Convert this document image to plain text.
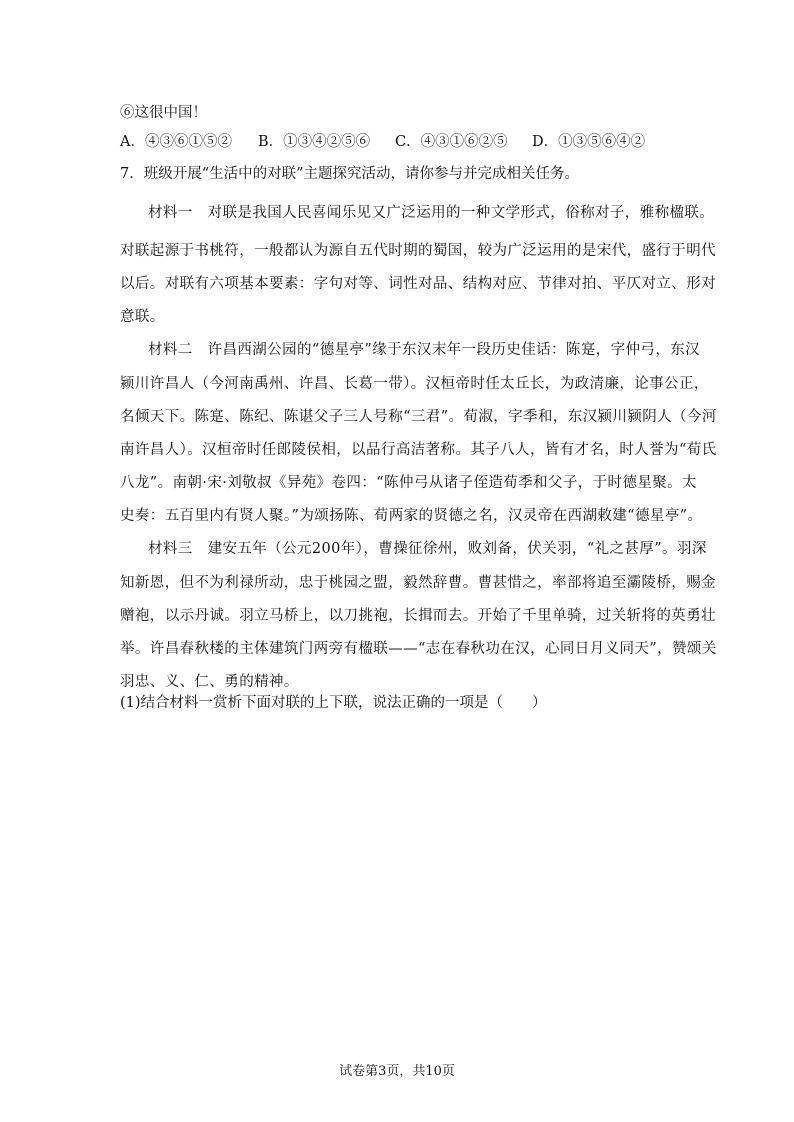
⑥这很中国！
A．④③⑥①⑤② B．①③④②⑤⑥ C．④③①⑥②⑤ D．①③⑤⑥④②
7．班级开展“生活中的对联”主题探究活动，请你参与并完成相关任务。
材料一　对联是我国人民喜闻乐见又广泛运用的一种文学形式，俗称对子，雅称楹联。
对联起源于书桃符，一般都认为源自五代时期的蜀国，较为广泛运用的是宋代，盛行于明代
以后。对联有六项基本要素：字句对等、词性对品、结构对应、节律对拍、平仄对立、形对
意联。
材料二　许昌西湖公园的“德星亭”缘于东汉末年一段历史佳话：陈寔，字仲弓，东汉
颍川许昌人（今河南禹州、许昌、长葛一带）。汉桓帝时任太丘长，为政清廉，论事公正，
名倾天下。陈寔、陈纪、陈谌父子三人号称“三君”。荀淑，字季和，东汉颍川颍阴人（今河
南许昌人）。汉桓帝时任郎陵侯相，以品行高洁著称。其子八人，皆有才名，时人誉为“荀氏
八龙”。南朝·宋·刘敬叔《异苑》卷四：“陈仲弓从诸子侄造荀季和父子，于时德星聚。太
史奏：五百里内有贤人聚。”为颂扬陈、荀两家的贤德之名，汉灵帝在西湖敕建“德星亭”。
材料三　建安五年（公元200年），曹操征徐州，败刘备，伏关羽，“礼之甚厚”。羽深
知新恩，但不为利禄所动，忠于桃园之盟，毅然辞曹。曹甚惜之，率部将追至灞陵桥，赐金
赠袍，以示丹诚。羽立马桥上，以刀挑袍，长揖而去。开始了千里单骑，过关斩将的英勇壮
举。许昌春秋楼的主体建筑门两旁有楹联——“志在春秋功在汉，心同日月义同天”，赞颂关
羽忠、义、仁、勇的精神。
(1)结合材料一赏析下面对联的上下联，说法正确的一项是（　　）
试卷第3页，共10页
